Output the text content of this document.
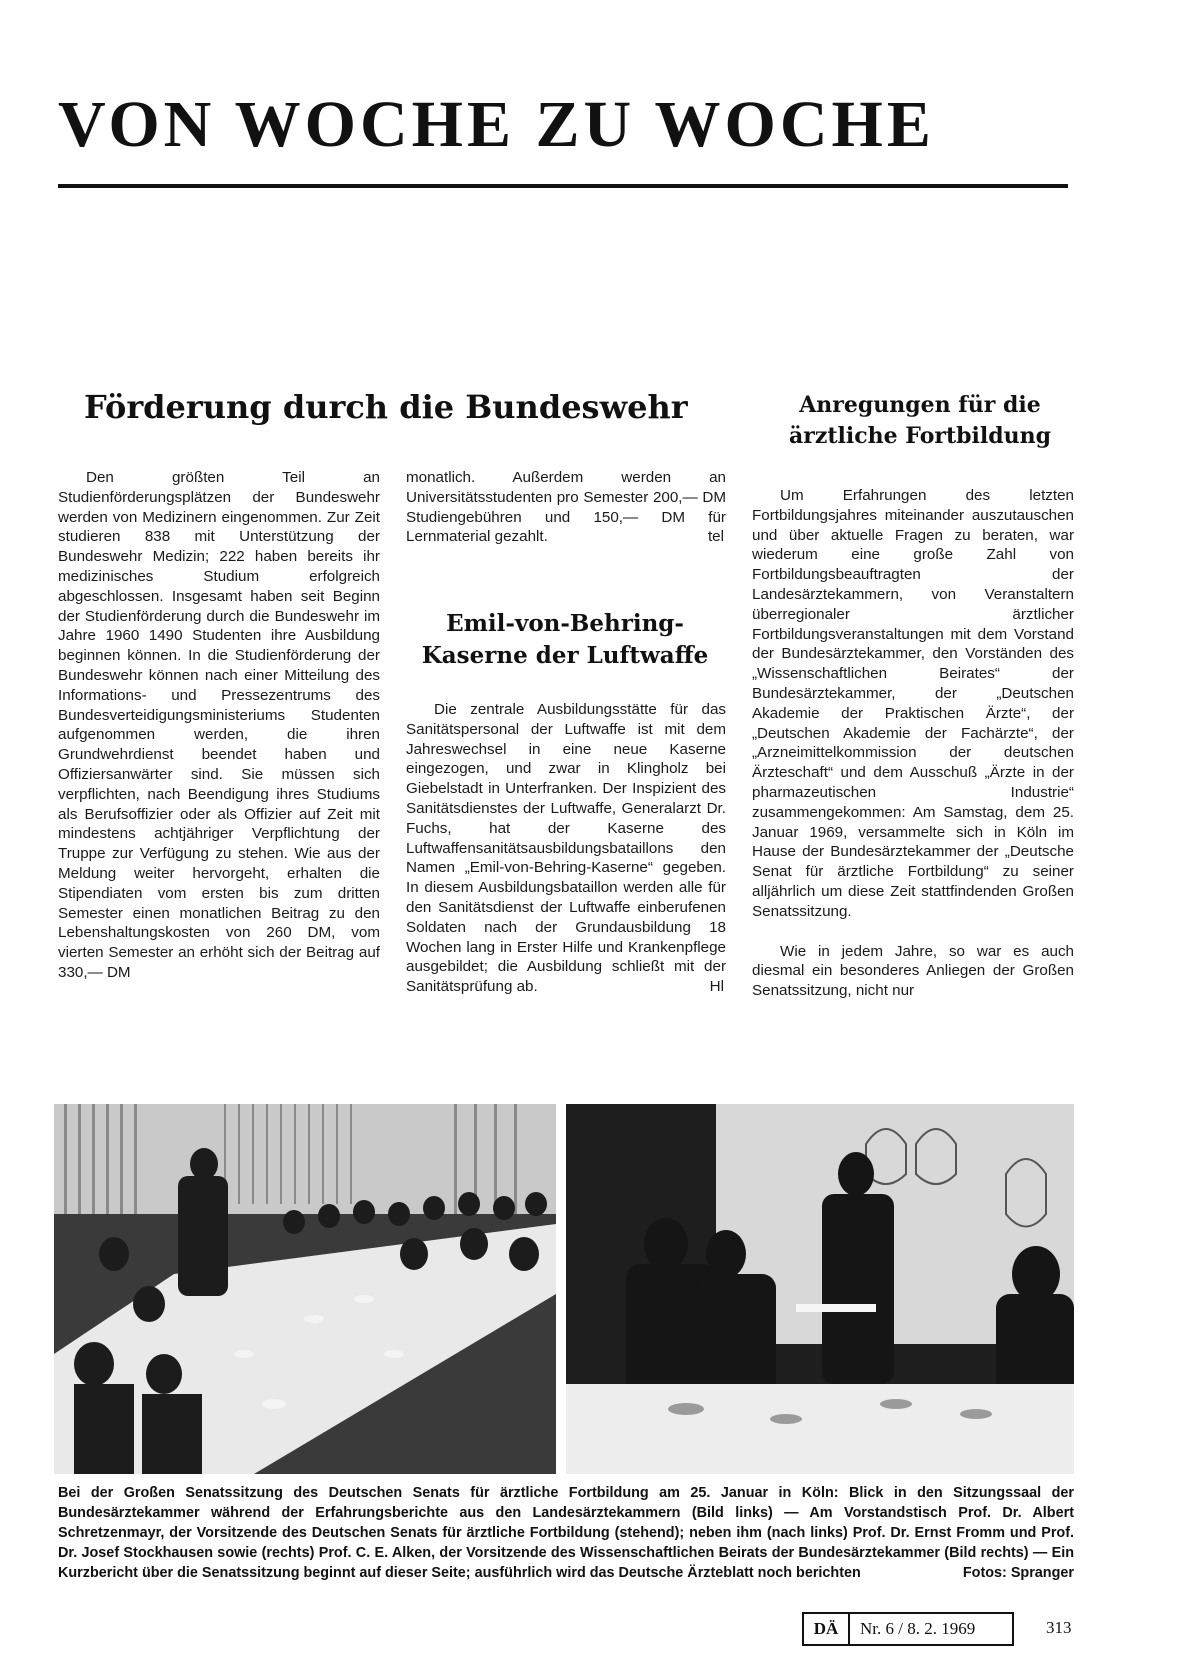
VON WOCHE ZU WOCHE
Förderung durch die Bundeswehr	Anregungen für die ärztliche Fortbildung

Den größten Teil an Studienförderungsplätzen der Bundeswehr werden von Medizinern eingenommen. Zur Zeit studieren 838 mit Unterstützung der Bundeswehr Medizin; 222 haben bereits ihr medizinisches Studium erfolgreich abgeschlossen. Insgesamt haben seit Beginn der Studienförderung durch die Bundeswehr im Jahre 1960 1490 Studenten ihre Ausbildung beginnen können. In die Studienförderung der Bundeswehr können nach einer Mitteilung des Informations- und Pressezentrums des Bundesverteidigungsministeriums Studenten aufgenommen werden, die ihren Grundwehrdienst beendet haben und Offiziersanwärter sind. Sie müssen sich verpflichten, nach Beendigung ihres Studiums als Berufsoffizier oder als Offizier auf Zeit mit mindestens achtjähriger Verpflichtung der Truppe zur Verfügung zu stehen. Wie aus der Meldung weiter hervorgeht, erhalten die Stipendiaten vom ersten bis zum dritten Semester einen monatlichen Beitrag zu den Lebenshaltungskosten von 260 DM, vom vierten Semester an erhöht sich der Beitrag auf 330,— DM

monatlich. Außerdem werden an Universitätsstudenten pro Semester 200,— DM Studiengebühren und 150,— DM für Lernmaterial gezahlt.	tel

Emil-von-Behring-Kaserne der Luftwaffe

Die zentrale Ausbildungsstätte für das Sanitätspersonal der Luftwaffe ist mit dem Jahreswechsel in eine neue Kaserne eingezogen, und zwar in Klingholz bei Giebelstadt in Unterfranken. Der Inspizient des Sanitätsdienstes der Luftwaffe, Generalarzt Dr. Fuchs, hat der Kaserne des Luftwaffensanitätsausbildungsbataillons den Namen „Emil-von-Behring-Kaserne“ gegeben. In diesem Ausbildungsbataillon werden alle für den Sanitätsdienst der Luftwaffe einberufenen Soldaten nach der Grundausbildung 18 Wochen lang in Erster Hilfe und Krankenpflege ausgebildet; die Ausbildung schließt mit der Sanitätsprüfung ab.	Hl

Um Erfahrungen des letzten Fortbildungsjahres miteinander auszutauschen und über aktuelle Fragen zu beraten, war wiederum eine große Zahl von Fortbildungsbeauftragten der Landesärztekammern, von Veranstaltern überregionaler ärztlicher Fortbildungsveranstaltungen mit dem Vorstand der Bundesärztekammer, den Vorständen des „Wissenschaftlichen Beirates“ der Bundesärztekammer, der „Deutschen Akademie der Praktischen Ärzte“, der „Deutschen Akademie der Fachärzte“, der „Arzneimittelkommission der deutschen Ärzteschaft“ und dem Ausschuß „Ärzte in der pharmazeutischen Industrie“ zusammengekommen: Am Samstag, dem 25. Januar 1969, versammelte sich in Köln im Hause der Bundesärztekammer der „Deutsche Senat für ärztliche Fortbildung“ zu seiner alljährlich um diese Zeit stattfindenden Großen Senatssitzung.

Wie in jedem Jahre, so war es auch diesmal ein besonderes Anliegen der Großen Senatssitzung, nicht nur

Bei der Großen Senatssitzung des Deutschen Senats für ärztliche Fortbildung am 25. Januar in Köln: Blick in den Sitzungssaal der Bundesärztekammer während der Erfahrungsberichte aus den Landesärztekammern (Bild links) — Am Vorstandstisch Prof. Dr. Albert Schretzenmayr, der Vorsitzende des Deutschen Senats für ärztliche Fortbildung (stehend); neben ihm (nach links) Prof. Dr. Ernst Fromm und Prof. Dr. Josef Stockhausen sowie (rechts) Prof. C. E. Alken, der Vorsitzende des Wissenschaftlichen Beirats der Bundesärztekammer (Bild rechts) — Ein Kurzbericht über die Senatssitzung beginnt auf dieser Seite; ausführlich wird das Deutsche Ärzteblatt noch berichten	Fotos: Spranger

DÄ	Nr. 6 / 8. 2. 1969	313
